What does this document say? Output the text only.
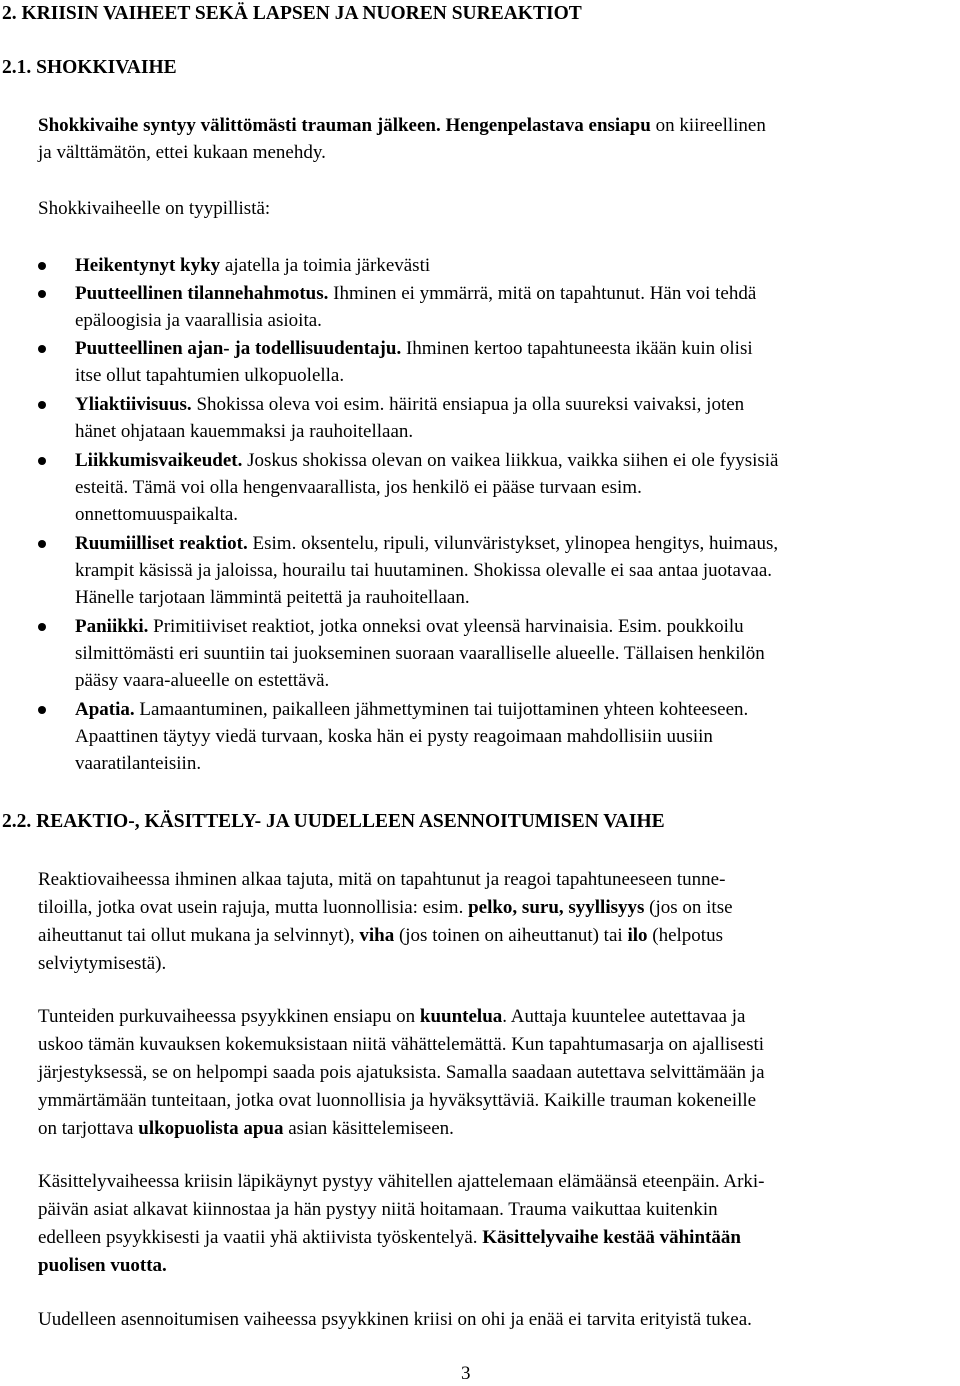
2. KRIISIN VAIHEET SEKÄ LAPSEN JA NUOREN SUREAKTIOT
2.1. SHOKKIVAIHE
Shokkivaihe syntyy välittömästi trauman jälkeen. Hengenpelastava ensiapu on kiireellinen
ja välttämätön, ettei kukaan menehdy.
Shokkivaiheelle on tyypillistä:
Heikentynyt kyky ajatella ja toimia järkevästi
Puutteellinen tilannehahmotus. Ihminen ei ymmärrä, mitä on tapahtunut. Hän voi tehdä
epäloogisia ja vaarallisia asioita.
Puutteellinen ajan- ja todellisuudentaju. Ihminen kertoo tapahtuneesta ikään kuin olisi
itse ollut tapahtumien ulkopuolella.
Yliaktiivisuus. Shokissa oleva voi esim. häiritä ensiapua ja olla suureksi vaivaksi, joten
hänet ohjataan kauemmaksi ja rauhoitellaan.
Liikkumisvaikeudet. Joskus shokissa olevan on vaikea liikkua, vaikka siihen ei ole fyysisiä
esteitä. Tämä voi olla hengenvaarallista, jos henkilö ei pääse turvaan esim.
onnettomuuspaikalta.
Ruumiilliset reaktiot. Esim. oksentelu, ripuli, vilunväristykset, ylinopea hengitys, huimaus,
krampit käsissä ja jaloissa, hourailu tai huutaminen. Shokissa olevalle ei saa antaa juotavaa.
Hänelle tarjotaan lämmintä peitettä ja rauhoitellaan.
Paniikki. Primitiiviset reaktiot, jotka onneksi ovat yleensä harvinaisia. Esim. poukkoilu
silmittömästi eri suuntiin tai juokseminen suoraan vaaralliselle alueelle. Tällaisen henkilön
pääsy vaara-alueelle on estettävä.
Apatia. Lamaantuminen, paikalleen jähmettyminen tai tuijottaminen yhteen kohteeseen.
Apaattinen täytyy viedä turvaan, koska hän ei pysty reagoimaan mahdollisiin uusiin
vaaratilanteisiin.
2.2. REAKTIO-, KÄSITTELY- JA UUDELLEEN ASENNOITUMISEN VAIHE
Reaktiovaiheessa ihminen alkaa tajuta, mitä on tapahtunut ja reagoi tapahtuneeseen tunne-
tiloilla, jotka ovat usein rajuja, mutta luonnollisia: esim. pelko, suru, syyllisyys (jos on itse
aiheuttanut tai ollut mukana ja selvinnyt), viha (jos toinen on aiheuttanut) tai ilo (helpotus
selviytymisestä).
Tunteiden purkuvaiheessa psyykkinen ensiapu on kuuntelua. Auttaja kuuntelee autettavaa ja
uskoo tämän kuvauksen kokemuksistaan niitä vähättelemättä. Kun tapahtumasarja on ajallisesti
järjestyksessä, se on helpompi saada pois ajatuksista. Samalla saadaan autettava selvittämään ja
ymmärtämään tunteitaan, jotka ovat luonnollisia ja hyväksyttäviä. Kaikille trauman kokeneille
on tarjottava ulkopuolista apua asian käsittelemiseen.
Käsittelyvaiheessa kriisin läpikäynyt pystyy vähitellen ajattelemaan elämäänsä eteenpäin. Arki-
päivän asiat alkavat kiinnostaa ja hän pystyy niitä hoitamaan. Trauma vaikuttaa kuitenkin
edelleen psyykkisesti ja vaatii yhä aktiivista työskentelyä. Käsittelyvaihe kestää vähintään
puolisen vuotta.
Uudelleen asennoitumisen vaiheessa psyykkinen kriisi on ohi ja enää ei tarvita erityistä tukea.
3
